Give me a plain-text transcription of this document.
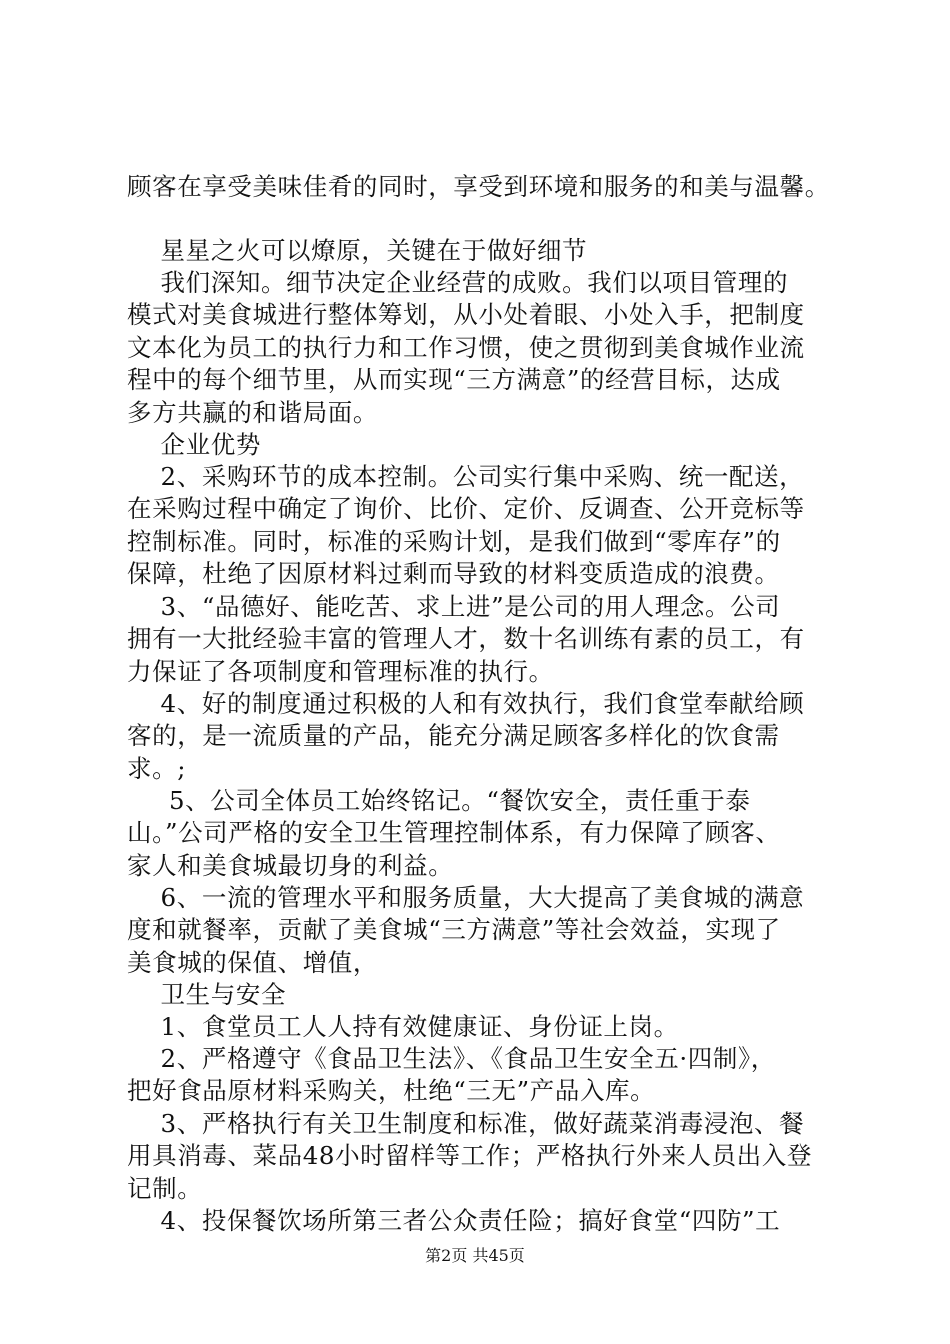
顾客在享受美味佳肴的同时，享受到环境和服务的和美与温馨。
星星之火可以燎原，关键在于做好细节
我们深知。细节决定企业经营的成败。我们以项目管理的
模式对美食城进行整体筹划，从小处着眼、小处入手，把制度
文本化为员工的执行力和工作习惯，使之贯彻到美食城作业流
程中的每个细节里，从而实现“三方满意”的经营目标，达成
多方共赢的和谐局面。
企业优势
2、采购环节的成本控制。公司实行集中采购、统一配送，
在采购过程中确定了询价、比价、定价、反调查、公开竞标等
控制标准。同时，标准的采购计划，是我们做到“零库存”的
保障，杜绝了因原材料过剩而导致的材料变质造成的浪费。
3、“品德好、能吃苦、求上进”是公司的用人理念。公司
拥有一大批经验丰富的管理人才，数十名训练有素的员工，有
力保证了各项制度和管理标准的执行。
4、好的制度通过积极的人和有效执行，我们食堂奉献给顾
客的，是一流质量的产品，能充分满足顾客多样化的饮食需
求。;
5、公司全体员工始终铭记。“餐饮安全，责任重于泰
山。”公司严格的安全卫生管理控制体系，有力保障了顾客、
家人和美食城最切身的利益。
6、一流的管理水平和服务质量，大大提高了美食城的满意
度和就餐率，贡献了美食城“三方满意”等社会效益，实现了
美食城的保值、增值，
卫生与安全
1、食堂员工人人持有效健康证、身份证上岗。
2、严格遵守《食品卫生法》、《食品卫生安全五·四制》，
把好食品原材料采购关，杜绝“三无”产品入库。
3、严格执行有关卫生制度和标准，做好蔬菜消毒浸泡、餐
用具消毒、菜品48小时留样等工作；严格执行外来人员出入登
记制。
4、投保餐饮场所第三者公众责任险；搞好食堂“四防”工
第2页 共45页
